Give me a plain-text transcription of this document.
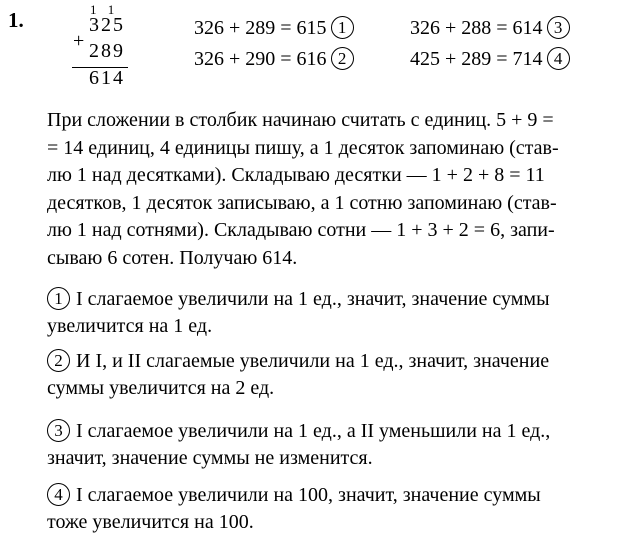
1.	1 1
325
+ 289
614
326 + 289 = 615 1
326 + 290 = 616 2
326 + 288 = 614 3
425 + 289 = 714 4
При сложении в столбик начинаю считать с единиц. 5 + 9 =
= 14 единиц, 4 единицы пишу, а 1 десяток запоминаю (став-
лю 1 над десятками). Складываю десятки — 1 + 2 + 8 = 11
десятков, 1 десяток записываю, а 1 сотню запоминаю (став-
лю 1 над сотнями). Складываю сотни — 1 + 3 + 2 = 6, запи-
сываю 6 сотен. Получаю 614.
1 I слагаемое увеличили на 1 ед., значит, значение суммы
увеличится на 1 ед.
2 И I, и II слагаемые увеличили на 1 ед., значит, значение
суммы увеличится на 2 ед.
3 I слагаемое увеличили на 1 ед., а II уменьшили на 1 ед.,
значит, значение суммы не изменится.
4 I слагаемое увеличили на 100, значит, значение суммы
тоже увеличится на 100.
